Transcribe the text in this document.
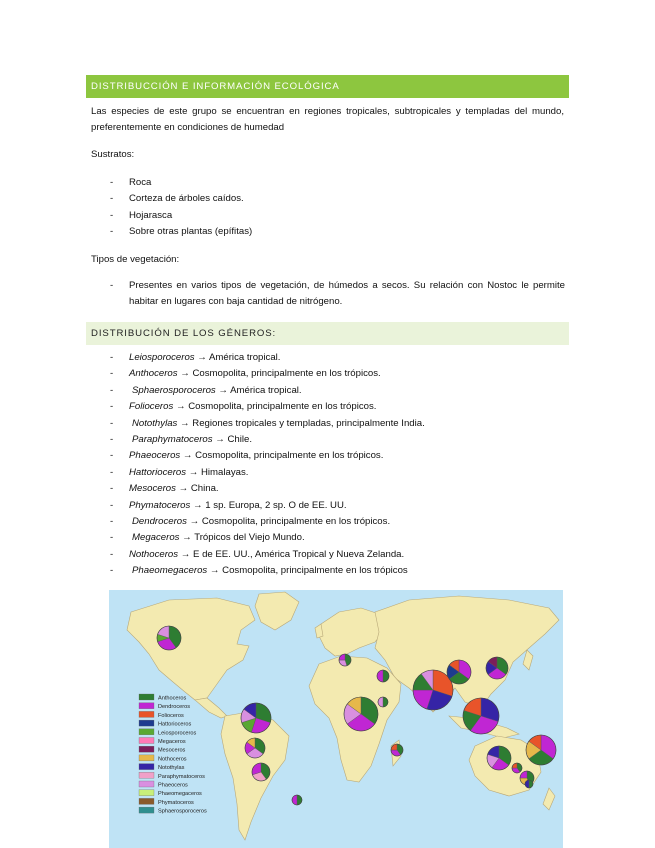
DISTRIBUCCIÓN E INFORMACIÓN ECOLÓGICA

Las especies de este grupo se encuentran en regiones tropicales, subtropicales y templadas del mundo, preferentemente en condiciones de humedad

Sustratos:

- Roca
- Corteza de árboles caídos.
- Hojarasca
- Sobre otras plantas (epífitas)

Tipos de vegetación:

- Presentes en varios tipos de vegetación, de húmedos a secos. Su relación con Nostoc le permite habitar en lugares con baja cantidad de nitrógeno.
DISTRIBUCIÓN DE LOS GÉNEROS:
- Leiosporoceros → América tropical.
- Anthoceros → Cosmopolita, principalmente en los trópicos.
- Sphaerosporoceros → América tropical.
- Folioceros → Cosmopolita, principalmente en los trópicos.
- Notothylas → Regiones tropicales y templadas, principalmente India.
- Paraphymatoceros → Chile.
- Phaeoceros → Cosmopolita, principalmente en los trópicos.
- Hattorioceros → Himalayas.
- Mesoceros → China.
- Phymatoceros → 1 sp. Europa, 2 sp. O de EE. UU.
- Dendroceros → Cosmopolita, principalmente en los trópicos.
- Megaceros → Trópicos del Viejo Mundo.
- Nothoceros → E de EE. UU., América Tropical y Nueva Zelanda.
- Phaeomegaceros → Cosmopolita, principalmente en los trópicos
Anthoceros
Dendroceros
Folioceros
Hattorioceros
Leiosporoceros
Megaceros
Mesoceros
Nothoceros
Notothylas
Paraphymatoceros
Phaeoceros
Phaeomegaceros
Phymatoceros
Sphaerosporoceros
